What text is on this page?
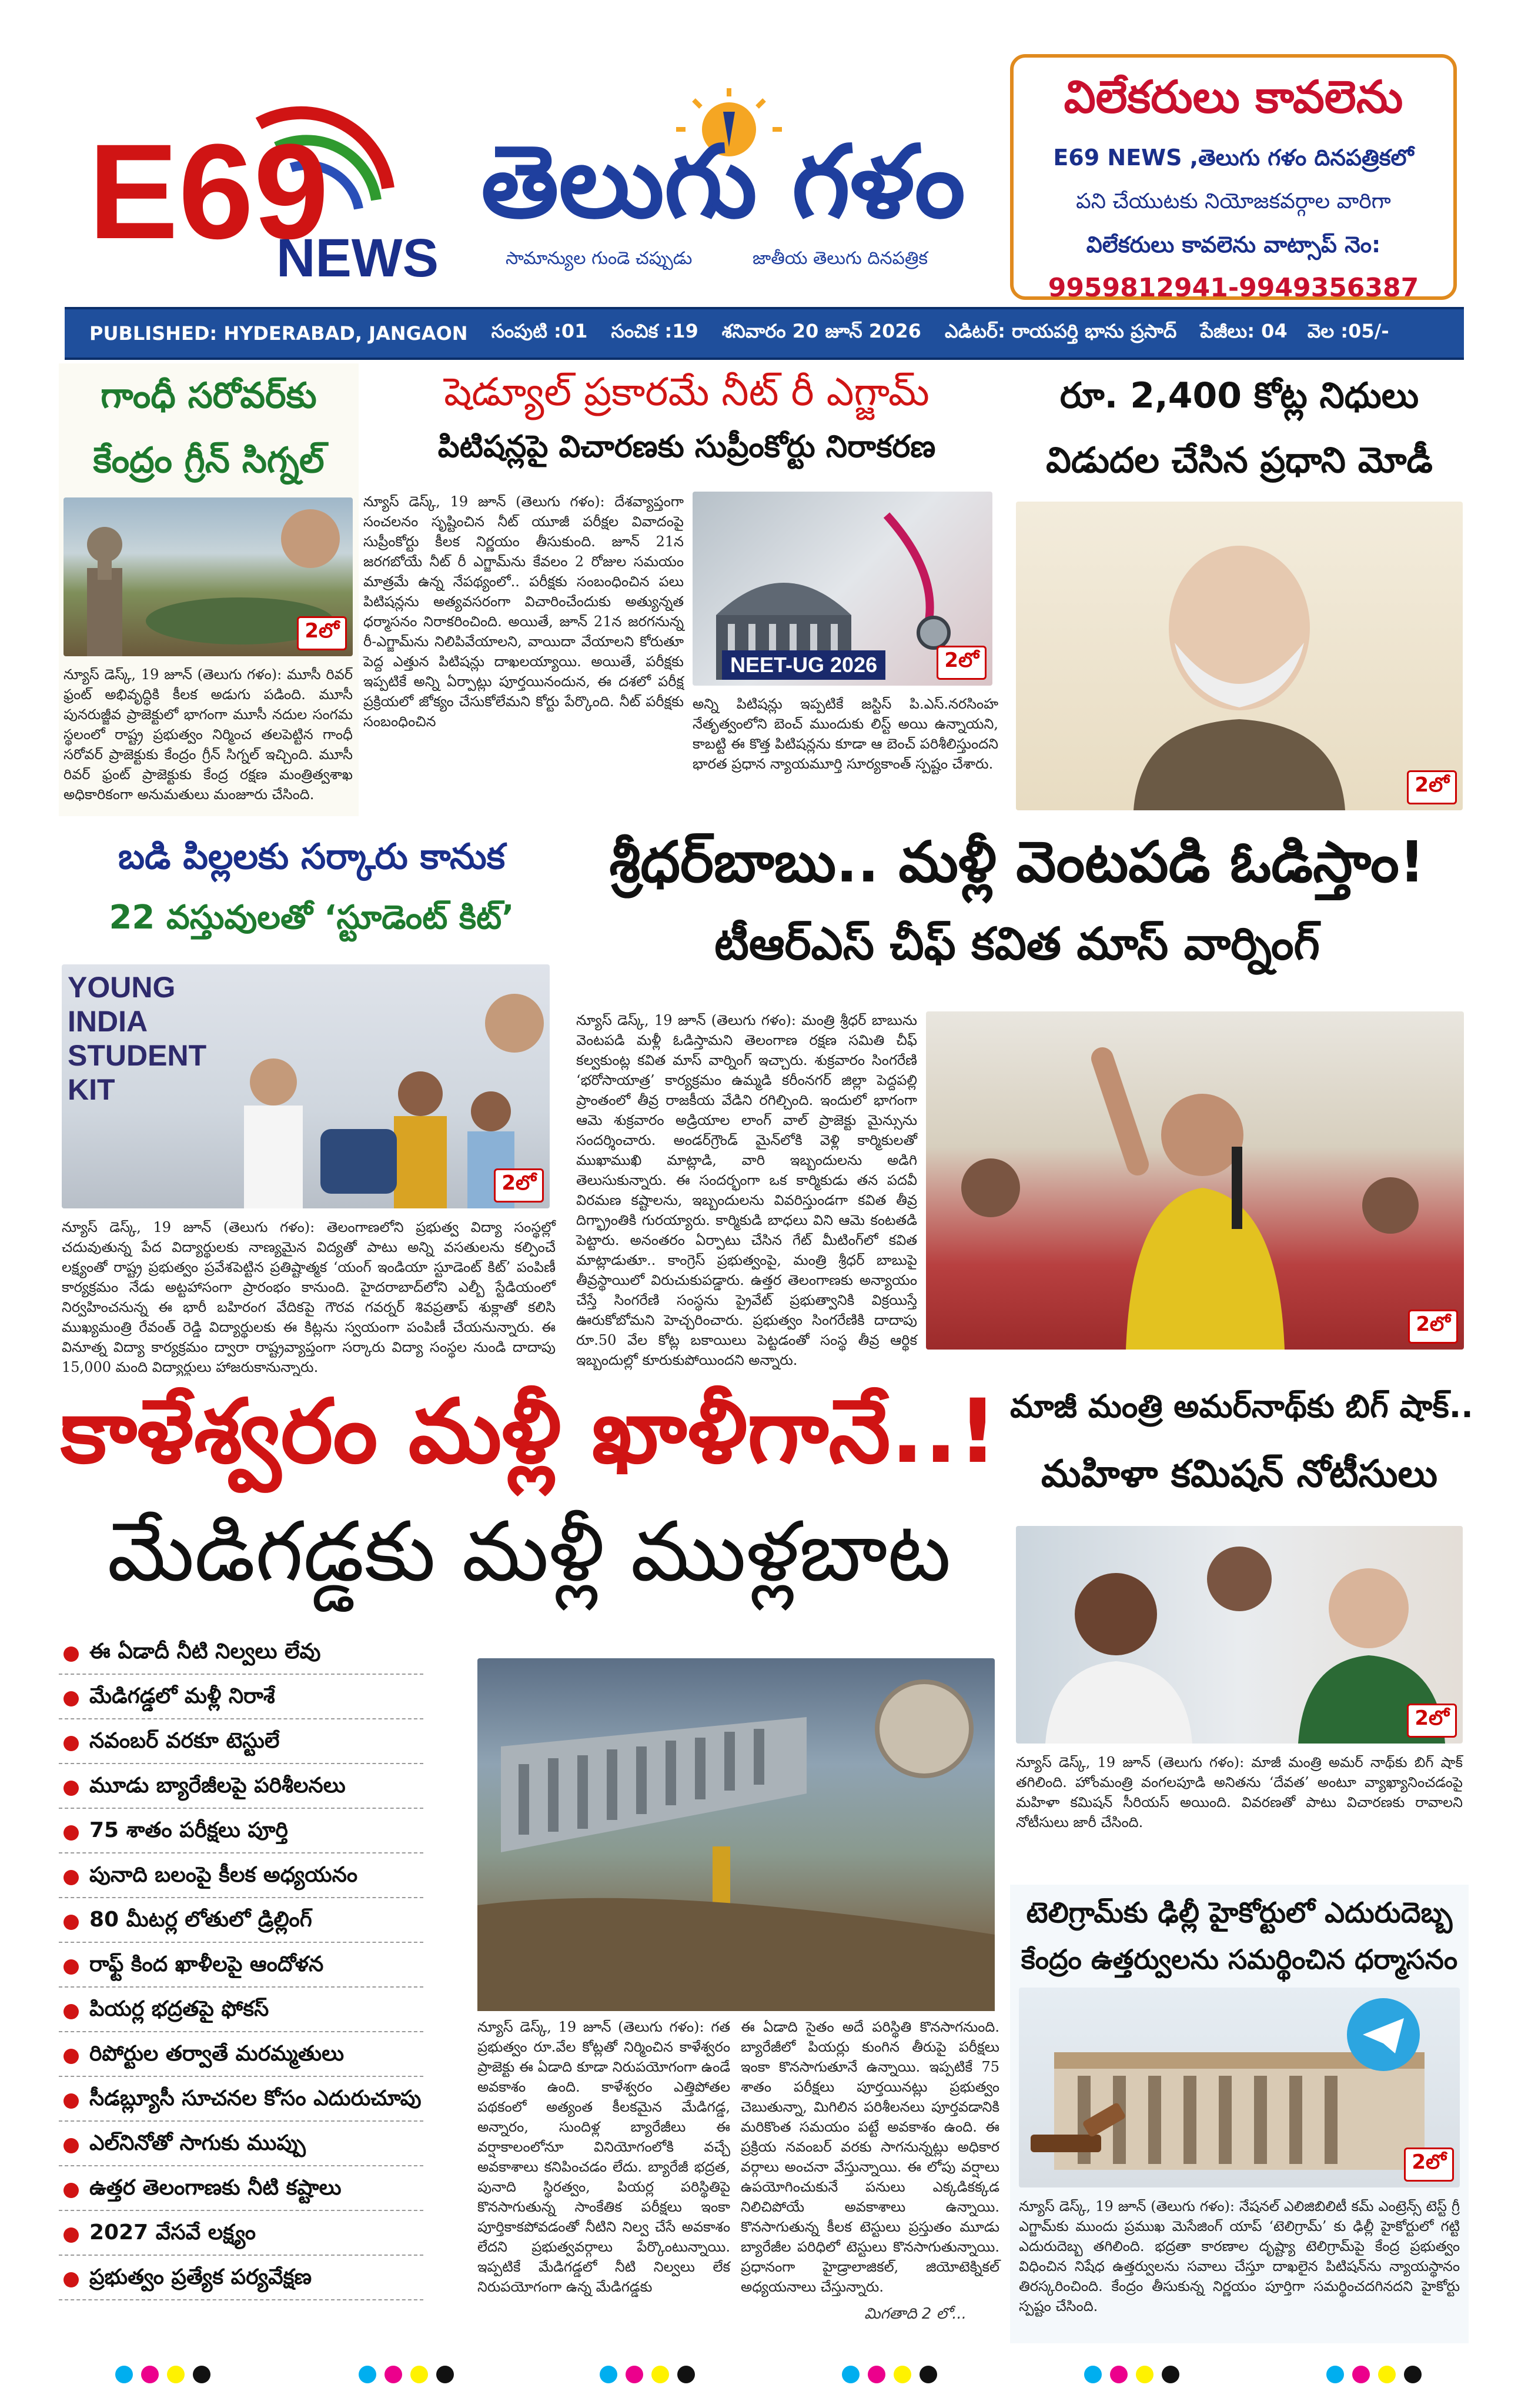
E69
NEWS
తెలుగు గళం
సామాన్యుల గుండె చప్పుడు	జాతీయ తెలుగు దినపత్రిక
విలేకరులు కావలెను
E69 NEWS ,తెలుగు గళం దినపత్రికలో
పని చేయుటకు నియోజకవర్గాల వారిగా
విలేకరులు కావలెను వాట్సాప్ నెం:
9959812941-9949356387
PUBLISHED: HYDERABAD, JANGAON సంపుటి :01 సంచిక :19 శనివారం 20 జూన్ 2026 ఎడిటర్: రాయపర్తి భాను ప్రసాద్ పేజీలు: 04 వెల :05/-
గాంధీ సరోవర్‌కు
కేంద్రం గ్రీన్ సిగ్నల్
2లో
న్యూస్ డెస్క్, 19 జూన్ (తెలుగు గళం): మూసీ రివర్ ఫ్రంట్ అభివృద్ధికి కీలక అడుగు పడింది. మూసీ పునరుజ్జీవ ప్రాజెక్టులో భాగంగా మూసీ నదుల సంగమ స్థలంలో రాష్ట్ర ప్రభుత్వం నిర్మించ తలపెట్టిన గాంధీ సరోవర్ ప్రాజెక్టుకు కేంద్రం గ్రీన్ సిగ్నల్ ఇచ్చింది. మూసీ రివర్ ఫ్రంట్ ప్రాజెక్టుకు కేంద్ర రక్షణ మంత్రిత్వశాఖ అధికారికంగా అనుమతులు మంజూరు చేసింది.
షెడ్యూల్ ప్రకారమే నీట్ రీ ఎగ్జామ్
పిటిషన్లపై విచారణకు సుప్రీంకోర్టు నిరాకరణ
న్యూస్ డెస్క్, 19 జూన్ (తెలుగు గళం): దేశవ్యాప్తంగా సంచలనం సృష్టించిన నీట్ యూజీ పరీక్షల వివాదంపై సుప్రీంకోర్టు కీలక నిర్ణయం తీసుకుంది. జూన్ 21న జరగబోయే నీట్ రీ ఎగ్జామ్‌ను కేవలం 2 రోజుల సమయం మాత్రమే ఉన్న నేపథ్యంలో.. పరీక్షకు సంబంధించిన పలు పిటిషన్లను అత్యవసరంగా విచారించేందుకు అత్యున్నత ధర్మాసనం నిరాకరించింది. అయితే, జూన్ 21న జరగనున్న రీ-ఎగ్జామ్‌ను నిలిపివేయాలని, వాయిదా వేయాలని కోరుతూ పెద్ద ఎత్తున పిటిషన్లు దాఖలయ్యాయి. అయితే, పరీక్షకు ఇప్పటికే అన్ని ఏర్పాట్లు పూర్తయినందున, ఈ దశలో పరీక్ష ప్రక్రియలో జోక్యం చేసుకోలేమని కోర్టు పేర్కొంది. నీట్ పరీక్షకు సంబంధించిన
NEET-UG 2026	2లో
అన్ని పిటిషన్లు ఇప్పటికే జస్టిస్ పి.ఎస్.నరసింహ నేతృత్వంలోని బెంచ్ ముందుకు లిస్ట్ అయి ఉన్నాయని, కాబట్టి ఈ కొత్త పిటిషన్లను కూడా ఆ బెంచ్ పరిశీలిస్తుందని భారత ప్రధాన న్యాయమూర్తి సూర్యకాంత్ స్పష్టం చేశారు.
రూ. 2,400 కోట్ల నిధులు
విడుదల చేసిన ప్రధాని మోడీ
2లో
బడి పిల్లలకు సర్కారు కానుక
22 వస్తువులతో ‘స్టూడెంట్ కిట్’
YOUNG INDIA STUDENT KIT
2లో
న్యూస్ డెస్క్, 19 జూన్ (తెలుగు గళం): తెలంగాణలోని ప్రభుత్వ విద్యా సంస్థల్లో చదువుతున్న పేద విద్యార్థులకు నాణ్యమైన విద్యతో పాటు అన్ని వసతులను కల్పించే లక్ష్యంతో రాష్ట్ర ప్రభుత్వం ప్రవేశపెట్టిన ప్రతిష్టాత్మక ‘యంగ్ ఇండియా స్టూడెంట్ కిట్’ పంపిణీ కార్యక్రమం నేడు అట్టహాసంగా ప్రారంభం కానుంది. హైదరాబాద్‌లోని ఎల్బీ స్టేడియంలో నిర్వహించనున్న ఈ భారీ బహిరంగ వేదికపై గౌరవ గవర్నర్ శివప్రతాప్ శుక్లాతో కలిసి ముఖ్యమంత్రి రేవంత్ రెడ్డి విద్యార్థులకు ఈ కిట్లను స్వయంగా పంపిణీ చేయనున్నారు. ఈ వినూత్న విద్యా కార్యక్రమం ద్వారా రాష్ట్రవ్యాప్తంగా సర్కారు విద్యా సంస్థల నుండి దాదాపు 15,000 మంది విద్యార్థులు హాజరుకానున్నారు.
శ్రీధర్‌బాబు.. మళ్లీ వెంటపడి ఓడిస్తాం!
టీఆర్ఎస్ చీఫ్ కవిత మాస్ వార్నింగ్
న్యూస్ డెస్క్, 19 జూన్ (తెలుగు గళం): మంత్రి శ్రీధర్ బాబును వెంటపడి మళ్లీ ఓడిస్తామని తెలంగాణ రక్షణ సమితి చీఫ్ కల్వకుంట్ల కవిత మాస్ వార్నింగ్ ఇచ్చారు. శుక్రవారం సింగరేణి ‘భరోసాయాత్ర’ కార్యక్రమం ఉమ్మడి కరీంనగర్ జిల్లా పెద్దపల్లి ప్రాంతంలో తీవ్ర రాజకీయ వేడిని రగిల్చింది. ఇందులో భాగంగా ఆమె శుక్రవారం అడ్రియాల లాంగ్ వాల్ ప్రాజెక్టు మైన్సును సందర్శించారు. అండర్‌గ్రౌండ్ మైన్‌లోకి వెళ్లి కార్మికులతో ముఖాముఖి మాట్లాడి, వారి ఇబ్బందులను అడిగి తెలుసుకున్నారు. ఈ సందర్భంగా ఒక కార్మికుడు తన పదవీ విరమణ కష్టాలను, ఇబ్బందులను వివరిస్తుండగా కవిత తీవ్ర దిగ్భ్రాంతికి గురయ్యారు. కార్మికుడి బాధలు విని ఆమె కంటతడి పెట్టారు. అనంతరం ఏర్పాటు చేసిన గేట్ మీటింగ్‌లో కవిత మాట్లాడుతూ.. కాంగ్రెస్ ప్రభుత్వంపై, మంత్రి శ్రీధర్ బాబుపై తీవ్రస్థాయిలో విరుచుకుపడ్డారు. ఉత్తర తెలంగాణకు అన్యాయం చేస్తే సింగరేణి సంస్థను ప్రైవేట్ ప్రభుత్వానికి విక్రయిస్తే ఊరుకోబోమని హెచ్చరించారు. ప్రభుత్వం సింగరేణికి దాదాపు రూ.50 వేల కోట్ల బకాయిలు పెట్టడంతో సంస్థ తీవ్ర ఆర్థిక ఇబ్బందుల్లో కూరుకుపోయిందని అన్నారు.
2లో
కాళేశ్వరం మళ్లీ ఖాళీగానే..!
మేడిగడ్డకు మళ్లీ ముళ్లబాట
ఈ ఏడాదీ నీటి నిల్వలు లేవు
మేడిగడ్డలో మళ్లీ నిరాశే
నవంబర్ వరకూ టెస్టులే
మూడు బ్యారేజీలపై పరిశీలనలు
75 శాతం పరీక్షలు పూర్తి
పునాది బలంపై కీలక అధ్యయనం
80 మీటర్ల లోతులో డ్రిల్లింగ్
రాఫ్ట్ కింద ఖాళీలపై ఆందోళన
పియర్ల భద్రతపై ఫోకస్
రిపోర్టుల తర్వాతే మరమ్మతులు
సీడబ్ల్యూసీ సూచనల కోసం ఎదురుచూపు
ఎల్‌నినోతో సాగుకు ముప్పు
ఉత్తర తెలంగాణకు నీటి కష్టాలు
2027 వేసవే లక్ష్యం
ప్రభుత్వం ప్రత్యేక పర్యవేక్షణ
న్యూస్ డెస్క్, 19 జూన్ (తెలుగు గళం): గత ప్రభుత్వం రూ.వేల కోట్లతో నిర్మించిన కాళేశ్వరం ప్రాజెక్టు ఈ ఏడాది కూడా నిరుపయోగంగా ఉండే అవకాశం ఉంది. కాళేశ్వరం ఎత్తిపోతల పథకంలో అత్యంత కీలకమైన మేడిగడ్డ, అన్నారం, సుందిళ్ల బ్యారేజీలు ఈ వర్షాకాలంలోనూ వినియోగంలోకి వచ్చే అవకాశాలు కనిపించడం లేదు. బ్యారేజీ భద్రత, పునాది స్థిరత్వం, పియర్ల పరిస్థితిపై కొనసాగుతున్న సాంకేతిక పరీక్షలు ఇంకా పూర్తికాకపోవడంతో నీటిని నిల్వ చేసే అవకాశం లేదని ప్రభుత్వవర్గాలు పేర్కొంటున్నాయి. ఇప్పటికే మేడిగడ్డలో నీటి నిల్వలు లేక నిరుపయోగంగా ఉన్న మేడిగడ్డకు
ఈ ఏడాది సైతం అదే పరిస్థితి కొనసాగనుంది. బ్యారేజీలో పియర్లు కుంగిన తీరుపై పరీక్షలు ఇంకా కొనసాగుతూనే ఉన్నాయి. ఇప్పటికే 75 శాతం పరీక్షలు పూర్తయినట్లు ప్రభుత్వం చెబుతున్నా, మిగిలిన పరిశీలనలు పూర్తవడానికి మరికొంత సమయం పట్టే అవకాశం ఉంది. ఈ ప్రక్రియ నవంబర్ వరకు సాగనున్నట్లు అధికార వర్గాలు అంచనా వేస్తున్నాయి. ఈ లోపు వర్షాలు ఉపయోగించుకునే పనులు ఎక్కడికక్కడ నిలిచిపోయే అవకాశాలు ఉన్నాయి. కొనసాగుతున్న కీలక టెస్టులు ప్రస్తుతం మూడు బ్యారేజీల పరిధిలో టెస్టులు కొనసాగుతున్నాయి. ప్రధానంగా హైడ్రాలాజికల్, జియోటెక్నికల్ అధ్యయనాలు చేస్తున్నారు.
మిగతాది 2 లో...
మాజీ మంత్రి అమర్‌నాథ్‌కు బిగ్ షాక్..
మహిళా కమిషన్ నోటీసులు
2లో
న్యూస్ డెస్క్, 19 జూన్ (తెలుగు గళం): మాజీ మంత్రి అమర్ నాథ్‌కు బిగ్ షాక్ తగిలింది. హోంమంత్రి వంగలపూడి అనితను ‘దేవత’ అంటూ వ్యాఖ్యానించడంపై మహిళా కమిషన్ సీరియస్ అయింది. వివరణతో పాటు విచారణకు రావాలని నోటీసులు జారీ చేసింది.
టెలిగ్రామ్‌కు ఢిల్లీ హైకోర్టులో ఎదురుదెబ్బ
కేంద్రం ఉత్తర్వులను సమర్థించిన ధర్మాసనం
2లో
న్యూస్ డెస్క్, 19 జూన్ (తెలుగు గళం): నేషనల్ ఎలిజిబిలిటీ కమ్ ఎంట్రెన్స్ టెస్ట్ గ్రీ ఎగ్జామ్‌కు ముందు ప్రముఖ మెసేజింగ్ యాప్ ‘టెలిగ్రామ్’ కు ఢిల్లీ హైకోర్టులో గట్టి ఎదురుదెబ్బ తగిలింది. భద్రతా కారణాల దృష్ట్యా టెలిగ్రామ్‌పై కేంద్ర ప్రభుత్వం విధించిన నిషేధ ఉత్తర్వులను సవాలు చేస్తూ దాఖలైన పిటిషన్‌ను న్యాయస్థానం తిరస్కరించింది. కేంద్రం తీసుకున్న నిర్ణయం పూర్తిగా సమర్థించదగినదని హైకోర్టు స్పష్టం చేసింది.
